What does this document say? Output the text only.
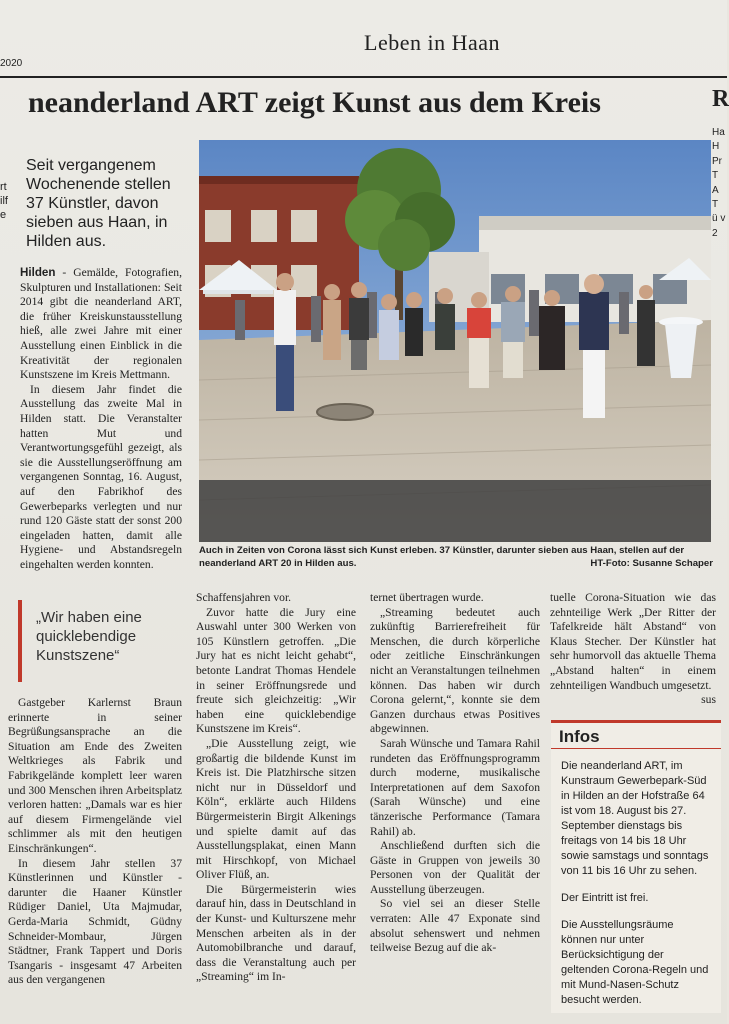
Leben in Haan
2020
neanderland ART zeigt Kunst aus dem Kreis	R
Ha H Pr T A T ü v 2
rt ilf e
Seit vergangenem Wochenende stellen 37 Künstler, davon sieben aus Haan, in Hilden aus.

Hilden - Gemälde, Fotografien, Skulpturen und Installationen: Seit 2014 gibt die neanderland ART, die früher Kreiskunstausstellung hieß, alle zwei Jahre mit einer Ausstellung einen Einblick in die Kreativität der regionalen Kunstszene im Kreis Mettmann.

In diesem Jahr findet die Ausstellung das zweite Mal in Hilden statt. Die Veranstalter hatten Mut und Verantwortungsgefühl gezeigt, als sie die Ausstellungseröffnung am vergangenen Sonntag, 16. August, auf den Fabrikhof des Gewerbeparks verlegten und nur rund 120 Gäste statt der sonst 200 eingeladen hatten, damit alle Hygiene- und Abstandsregeln eingehalten werden konnten.

„Wir haben eine quicklebendige Kunstszene“

Gastgeber Karlernst Braun erinnerte in seiner Begrüßungsansprache an die Situation am Ende des Zweiten Weltkrieges als Fabrik und Fabrikgelände komplett leer waren und 300 Menschen ihren Arbeitsplatz verloren hatten: „Damals war es hier auf diesem Firmengelände viel schlimmer als mit den heutigen Einschränkungen“.

In diesem Jahr stellen 37 Künstlerinnen und Künstler - darunter die Haaner Künstler Rüdiger Daniel, Uta Majmudar, Gerda-Maria Schmidt, Güdny Schneider-Mombaur, Jürgen Städtner, Frank Tappert und Doris Tsangaris - insgesamt 47 Arbeiten aus den vergangenen

Auch in Zeiten von Corona lässt sich Kunst erleben. 37 Künstler, darunter sieben aus Haan, stellen auf der neanderland ART 20 in Hilden aus.	HT-Foto: Susanne Schaper

Schaffensjahren vor.

Zuvor hatte die Jury eine Auswahl unter 300 Werken von 105 Künstlern getroffen. „Die Jury hat es nicht leicht gehabt“, betonte Landrat Thomas Hendele in seiner Eröffnungsrede und freute sich gleichzeitig: „Wir haben eine quicklebendige Kunstszene im Kreis“.

„Die Ausstellung zeigt, wie großartig die bildende Kunst im Kreis ist. Die Platzhirsche sitzen nicht nur in Düsseldorf und Köln“, erklärte auch Hildens Bürgermeisterin Birgit Alkenings und spielte damit auf das Ausstellungsplakat, einen Mann mit Hirschkopf, von Michael Oliver Flüß, an.

Die Bürgermeisterin wies darauf hin, dass in Deutschland in der Kunst- und Kulturszene mehr Menschen arbeiten als in der Automobilbranche und darauf, dass die Veranstaltung auch per „Streaming“ im In-

ternet übertragen wurde.

„Streaming bedeutet auch zukünftig Barrierefreiheit für Menschen, die durch körperliche oder zeitliche Einschränkungen nicht an Veranstaltungen teilnehmen können. Das haben wir durch Corona gelernt,“, konnte sie dem Ganzen durchaus etwas Positives abgewinnen.

Sarah Wünsche und Tamara Rahil rundeten das Eröffnungsprogramm durch moderne, musikalische Interpretationen auf dem Saxofon (Sarah Wünsche) und eine tänzerische Performance (Tamara Rahil) ab.

Anschließend durften sich die Gäste in Gruppen von jeweils 30 Personen von der Qualität der Ausstellung überzeugen.

So viel sei an dieser Stelle verraten: Alle 47 Exponate sind absolut sehenswert und nehmen teilweise Bezug auf die ak-

tuelle Corona-Situation wie das zehnteilige Werk „Der Ritter der Tafelkreide hält Abstand“ von Klaus Stecher. Der Künstler hat sehr humorvoll das aktuelle Thema „Abstand halten“ in einem zehnteiligen Wandbuch umgesetzt.
sus

Infos

Die neanderland ART, im Kunstraum Gewerbepark-Süd in Hilden an der Hofstraße 64 ist vom 18. August bis 27. September dienstags bis freitags von 14 bis 18 Uhr sowie samstags und sonntags von 11 bis 16 Uhr zu sehen.

Der Eintritt ist frei.

Die Ausstellungsräume können nur unter Berücksichtigung der geltenden Corona-Regeln und mit Mund-Nasen-Schutz besucht werden.
